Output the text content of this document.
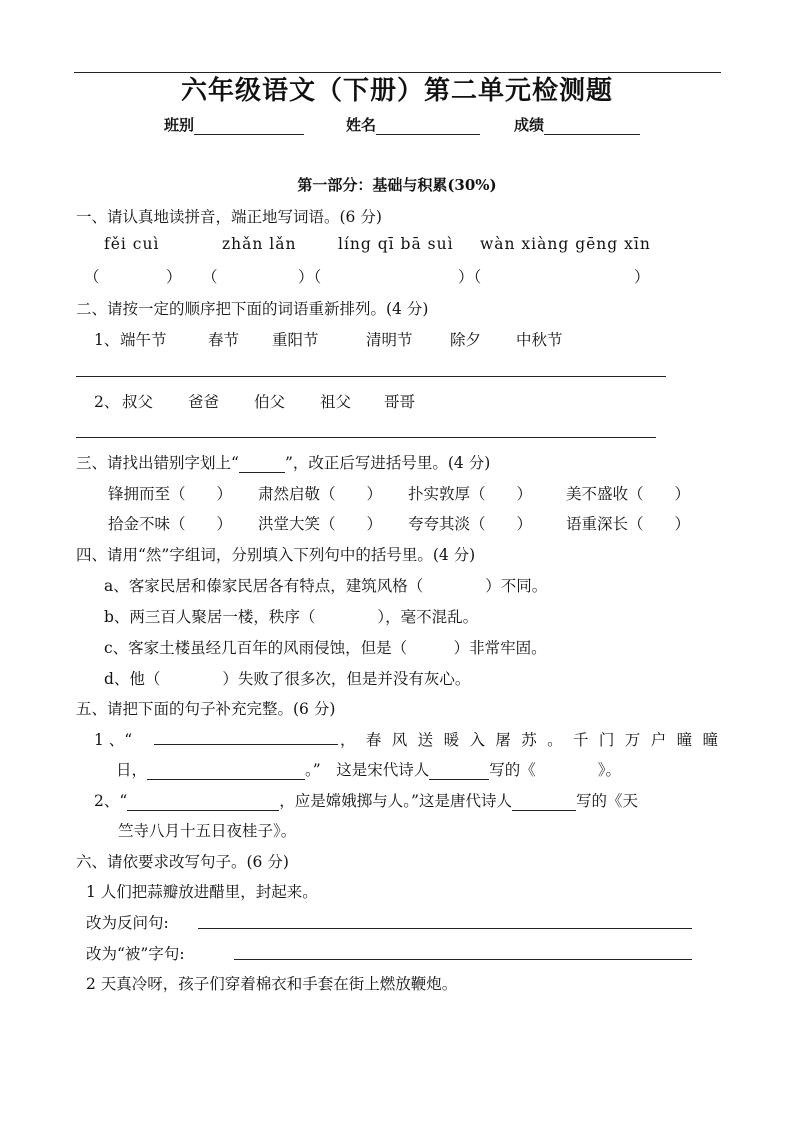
六年级语文（下册）第二单元检测题
班别	姓名	成绩
第一部分：基础与积累(30%)
一、请认真地读拼音，端正地写词语。(6 分)
fěi cuì	zhǎn lǎn	líng qī bā suì wàn xiàng gēng xīn
（	） （	）（	）（	）
二、请按一定的顺序把下面的词语重新排列。(4 分)
1、 端午节	春节 重阳节	清明节 除夕 中秋节
2、 叔父 爸爸 伯父 祖父 哥哥
三、请找出错别字划上“	”，改正后写进括号里。(4 分)
锋拥而至（　　） 肃然启敬（　　） 扑实敦厚（　　） 美不盛收（　　）
拾金不味（　　） 洪堂大笑（　　） 夸夸其淡（　　） 语重深长（　　）
四、请用“然”字组词，分别填入下列句中的括号里。(4 分)
a、客家民居和傣家民居各有特点，建筑风格（　　　　）不同。
b、两三百人聚居一楼，秩序（　　　　），毫不混乱。
c、客家土楼虽经几百年的风雨侵蚀，但是（　　　）非常牢固。
d、他（　　　　）失败了很多次，但是并没有灰心。
五、请把下面的句子补充完整。(6 分)
1 、“	， 春 风 送 暖 入 屠 苏 。 千 门 万 户 曈 曈
日，	。”　这是宋代诗人	写的《　　　　》。
2、“	，应是嫦娥掷与人。”这是唐代诗人	写的《天
竺寺八月十五日夜桂子》。
六、请依要求改写句子。(6 分)
1 人们把蒜瓣放进醋里，封起来。
改为反问句:
改为“被”字句:
2 天真冷呀，孩子们穿着棉衣和手套在街上燃放鞭炮。
